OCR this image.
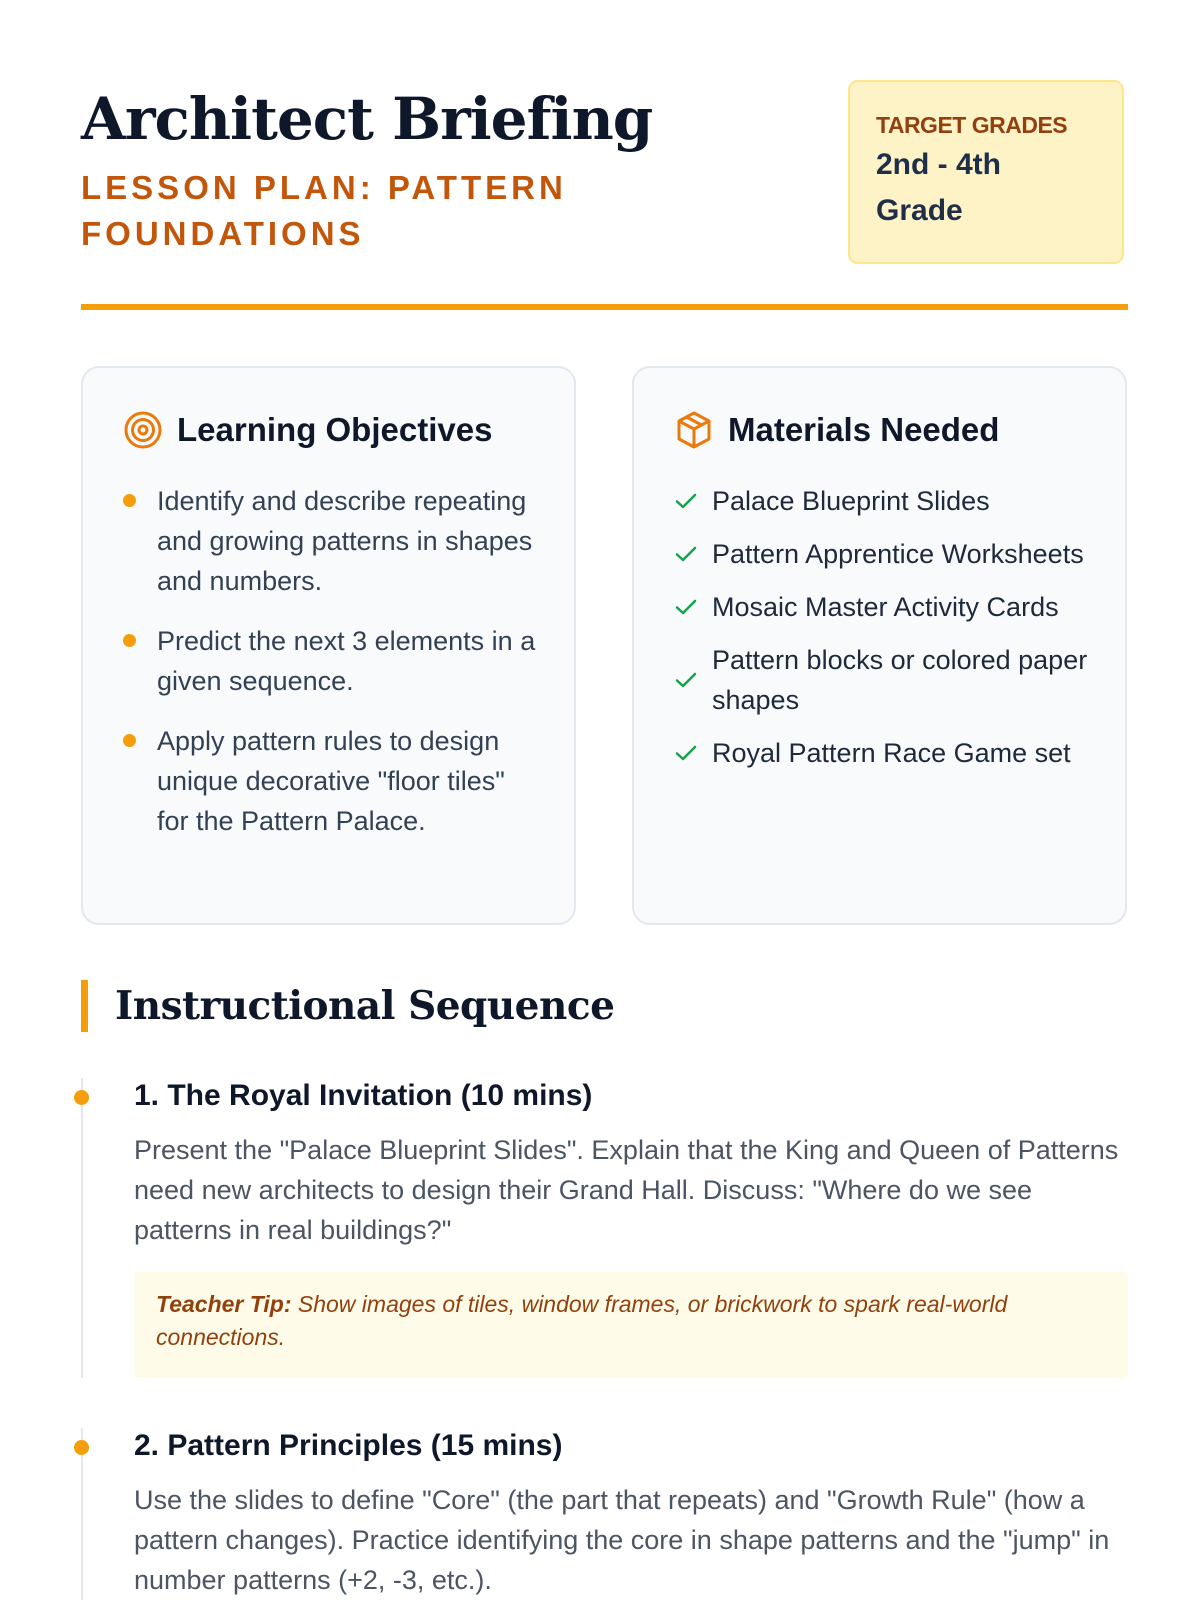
Architect Briefing
LESSON PLAN: PATTERN FOUNDATIONS
TARGET GRADES
2nd - 4th Grade
Learning Objectives
Identify and describe repeating and growing patterns in shapes and numbers.
Predict the next 3 elements in a given sequence.
Apply pattern rules to design unique decorative "floor tiles" for the Pattern Palace.
Materials Needed
Palace Blueprint Slides
Pattern Apprentice Worksheets
Mosaic Master Activity Cards
Pattern blocks or colored paper shapes
Royal Pattern Race Game set
Instructional Sequence
1. The Royal Invitation (10 mins)

Present the "Palace Blueprint Slides". Explain that the King and Queen of Patterns need new architects to design their Grand Hall. Discuss: "Where do we see patterns in real buildings?"

Teacher Tip: Show images of tiles, window frames, or brickwork to spark real-world connections.
2. Pattern Principles (15 mins)

Use the slides to define "Core" (the part that repeats) and "Growth Rule" (how a pattern changes). Practice identifying the core in shape patterns and the "jump" in number patterns (+2, -3, etc.).
